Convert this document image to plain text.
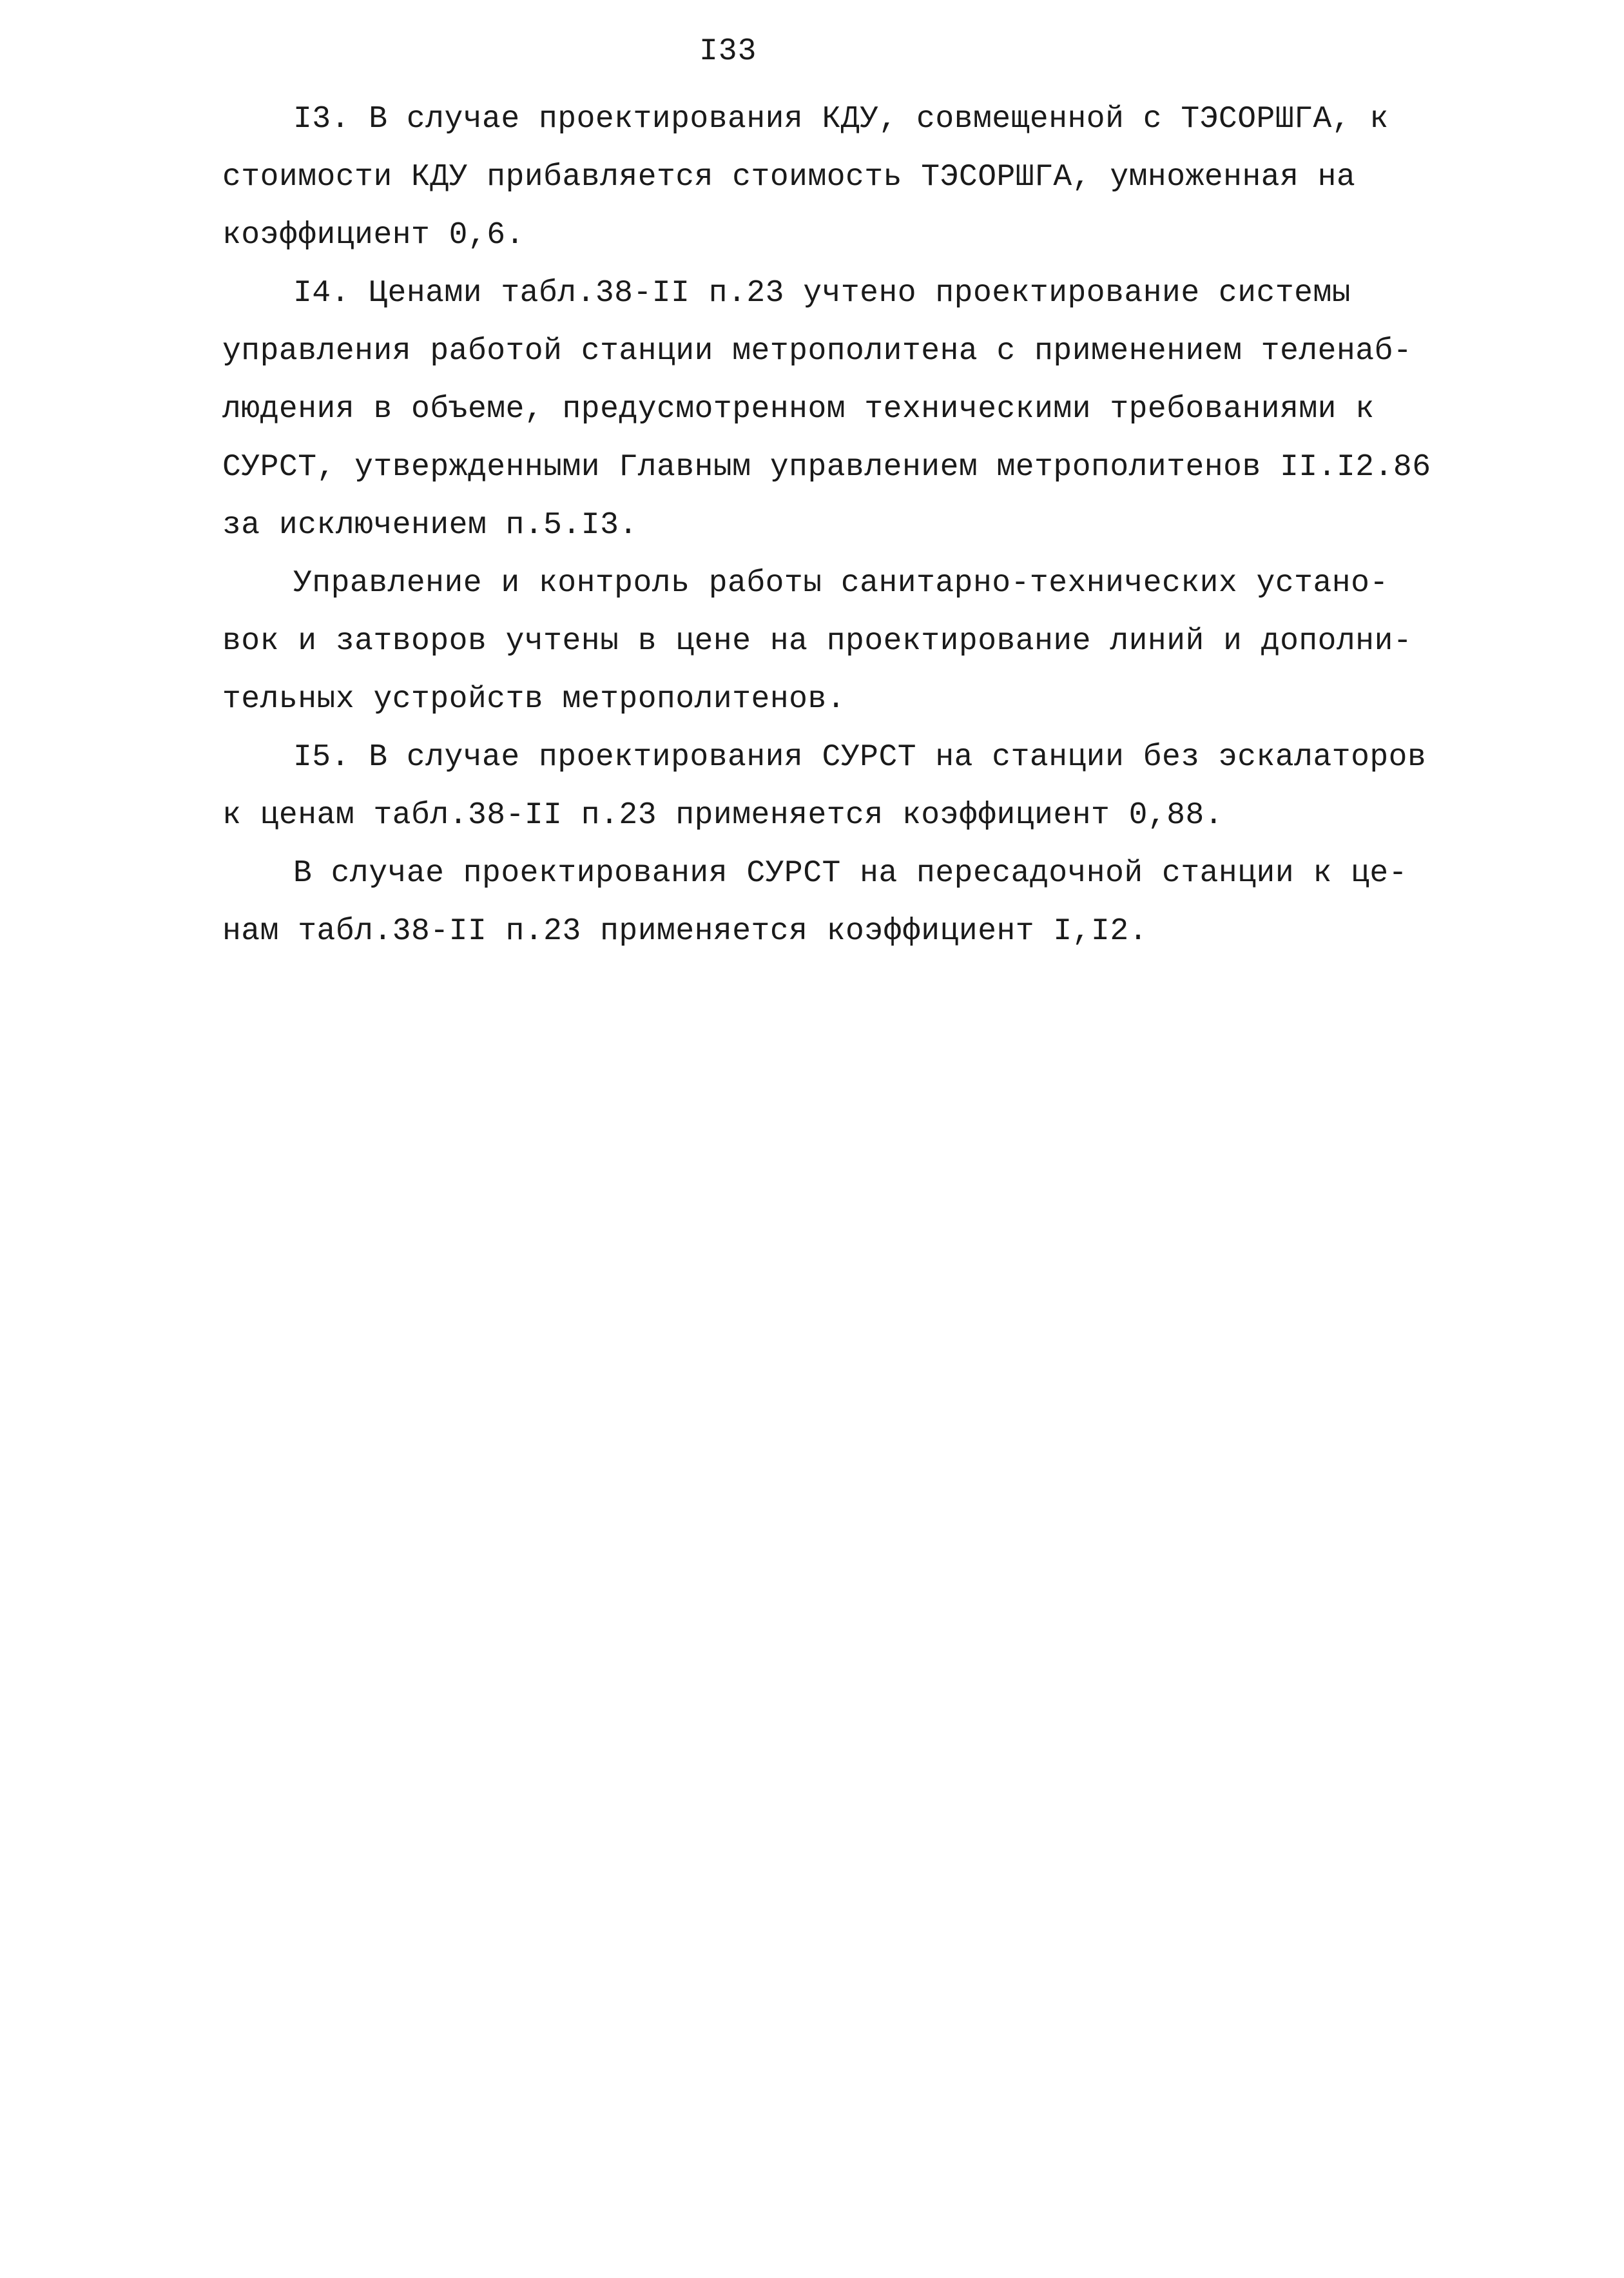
I33
I3. В случае проектирования КДУ, совмещенной с ТЭСОРШГА, к
стоимости КДУ прибавляется стоимость ТЭСОРШГА, умноженная на
коэффициент 0,6.
I4. Ценами табл.38-II п.23 учтено проектирование системы
управления работой станции метрополитена с применением теленаб-
людения в объеме, предусмотренном техническими требованиями к
СУРСТ, утвержденными Главным управлением метрополитенов II.I2.86
за исключением п.5.I3.
Управление и контроль работы санитарно-технических устано-
вок и затворов учтены в цене на проектирование линий и дополни-
тельных устройств метрополитенов.
I5. В случае проектирования СУРСТ на станции без эскалаторов
к ценам табл.38-II п.23 применяется коэффициент 0,88.
В случае проектирования СУРСТ на пересадочной станции к це-
нам табл.38-II п.23 применяется коэффициент I,I2.
